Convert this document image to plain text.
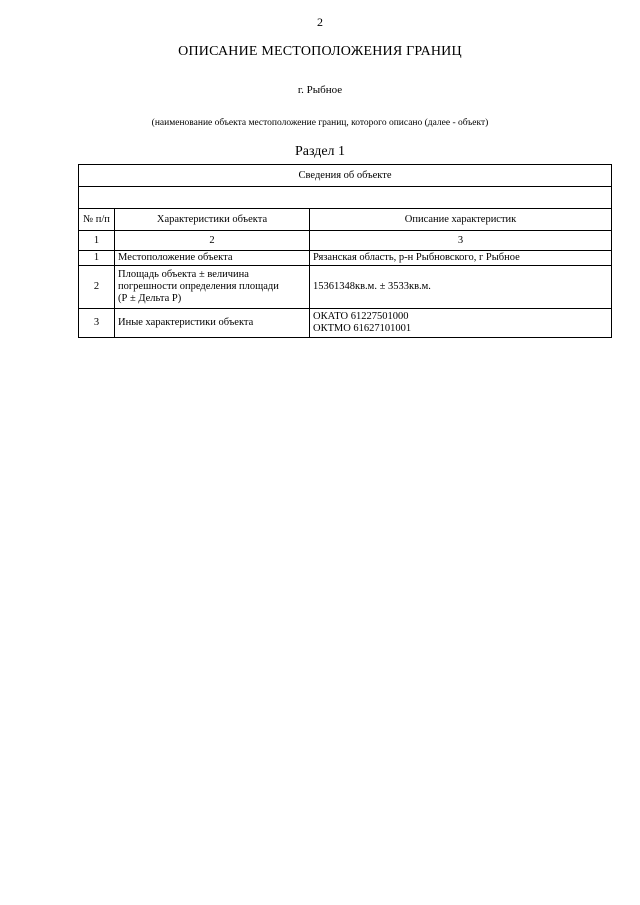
2
ОПИСАНИЕ МЕСТОПОЛОЖЕНИЯ ГРАНИЦ
г. Рыбное
(наименование объекта местоположение границ, которого описано (далее - объект)
Раздел 1
Сведения об объекте		

№ п/п	Характеристики объекта	Описание характеристик
1	2	3
1	Местоположение объекта	Рязанская область, р-н Рыбновского, г Рыбное

2	Площадь объекта ± величина
погрешности определения площади
(Р ± Дельта Р)	15361348кв.м. ± 3533кв.м.

3	Иные характеристики объекта	ОКАТО 61227501000
ОКТМО 61627101001
